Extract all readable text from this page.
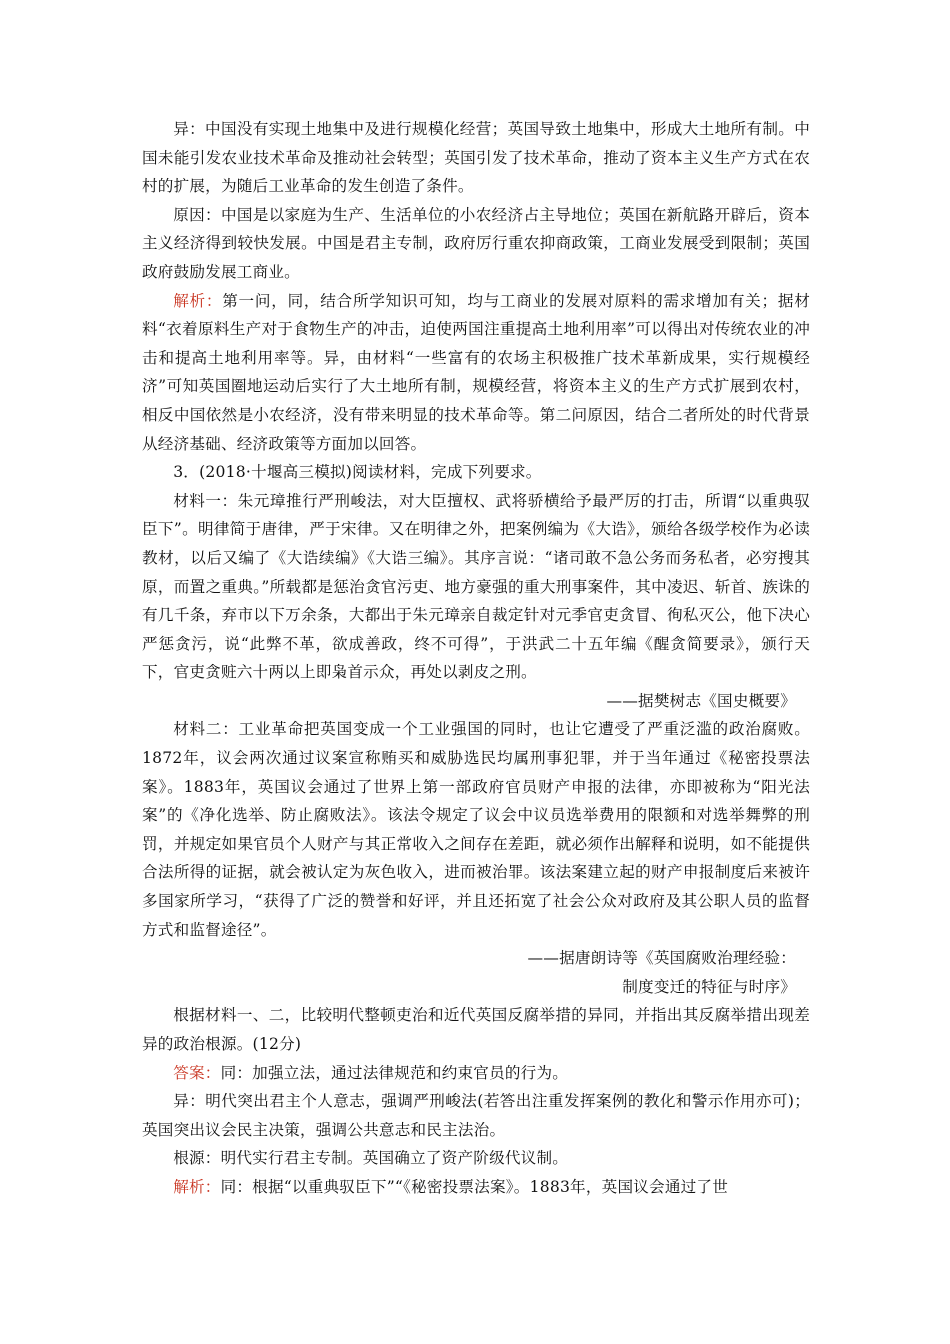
异：中国没有实现土地集中及进行规模化经营；英国导致土地集中，形成大土地所有制。中国未能引发农业技术革命及推动社会转型；英国引发了技术革命，推动了资本主义生产方式在农村的扩展，为随后工业革命的发生创造了条件。

原因：中国是以家庭为生产、生活单位的小农经济占主导地位；英国在新航路开辟后，资本主义经济得到较快发展。中国是君主专制，政府厉行重农抑商政策，工商业发展受到限制；英国政府鼓励发展工商业。

解析：第一问，同，结合所学知识可知，均与工商业的发展对原料的需求增加有关；据材料“衣着原料生产对于食物生产的冲击，迫使两国注重提高土地利用率”可以得出对传统农业的冲击和提高土地利用率等。异，由材料“一些富有的农场主积极推广技术革新成果，实行规模经济”可知英国圈地运动后实行了大土地所有制，规模经营，将资本主义的生产方式扩展到农村，相反中国依然是小农经济，没有带来明显的技术革命等。第二问原因，结合二者所处的时代背景从经济基础、经济政策等方面加以回答。

3．(2018·十堰高三模拟)阅读材料，完成下列要求。

材料一：朱元璋推行严刑峻法，对大臣擅权、武将骄横给予最严厉的打击，所谓“以重典驭臣下”。明律简于唐律，严于宋律。又在明律之外，把案例编为《大诰》，颁给各级学校作为必读教材，以后又编了《大诰续编》《大诰三编》。其序言说：“诸司敢不急公务而务私者，必穷搜其原，而置之重典。”所载都是惩治贪官污吏、地方豪强的重大刑事案件，其中凌迟、斩首、族诛的有几千条，弃市以下万余条，大都出于朱元璋亲自裁定针对元季官吏贪冒、徇私灭公，他下决心严惩贪污，说“此弊不革，欲成善政，终不可得”，于洪武二十五年编《醒贪简要录》，颁行天下，官吏贪赃六十两以上即枭首示众，再处以剥皮之刑。

——据樊树志《国史概要》

材料二：工业革命把英国变成一个工业强国的同时，也让它遭受了严重泛滥的政治腐败。1872年，议会两次通过议案宣称贿买和威胁选民均属刑事犯罪，并于当年通过《秘密投票法案》。1883年，英国议会通过了世界上第一部政府官员财产申报的法律，亦即被称为“阳光法案”的《净化选举、防止腐败法》。该法令规定了议会中议员选举费用的限额和对选举舞弊的刑罚，并规定如果官员个人财产与其正常收入之间存在差距，就必须作出解释和说明，如不能提供合法所得的证据，就会被认定为灰色收入，进而被治罪。该法案建立起的财产申报制度后来被许多国家所学习，“获得了广泛的赞誉和好评，并且还拓宽了社会公众对政府及其公职人员的监督方式和监督途径”。

——据唐朗诗等《英国腐败治理经验：

制度变迁的特征与时序》

根据材料一、二，比较明代整顿吏治和近代英国反腐举措的异同，并指出其反腐举措出现差异的政治根源。(12分)

答案：同：加强立法，通过法律规范和约束官员的行为。

异：明代突出君主个人意志，强调严刑峻法(若答出注重发挥案例的教化和警示作用亦可)；英国突出议会民主决策，强调公共意志和民主法治。

根源：明代实行君主专制。英国确立了资产阶级代议制。

解析：同：根据“以重典驭臣下”“《秘密投票法案》。1883年，英国议会通过了世
